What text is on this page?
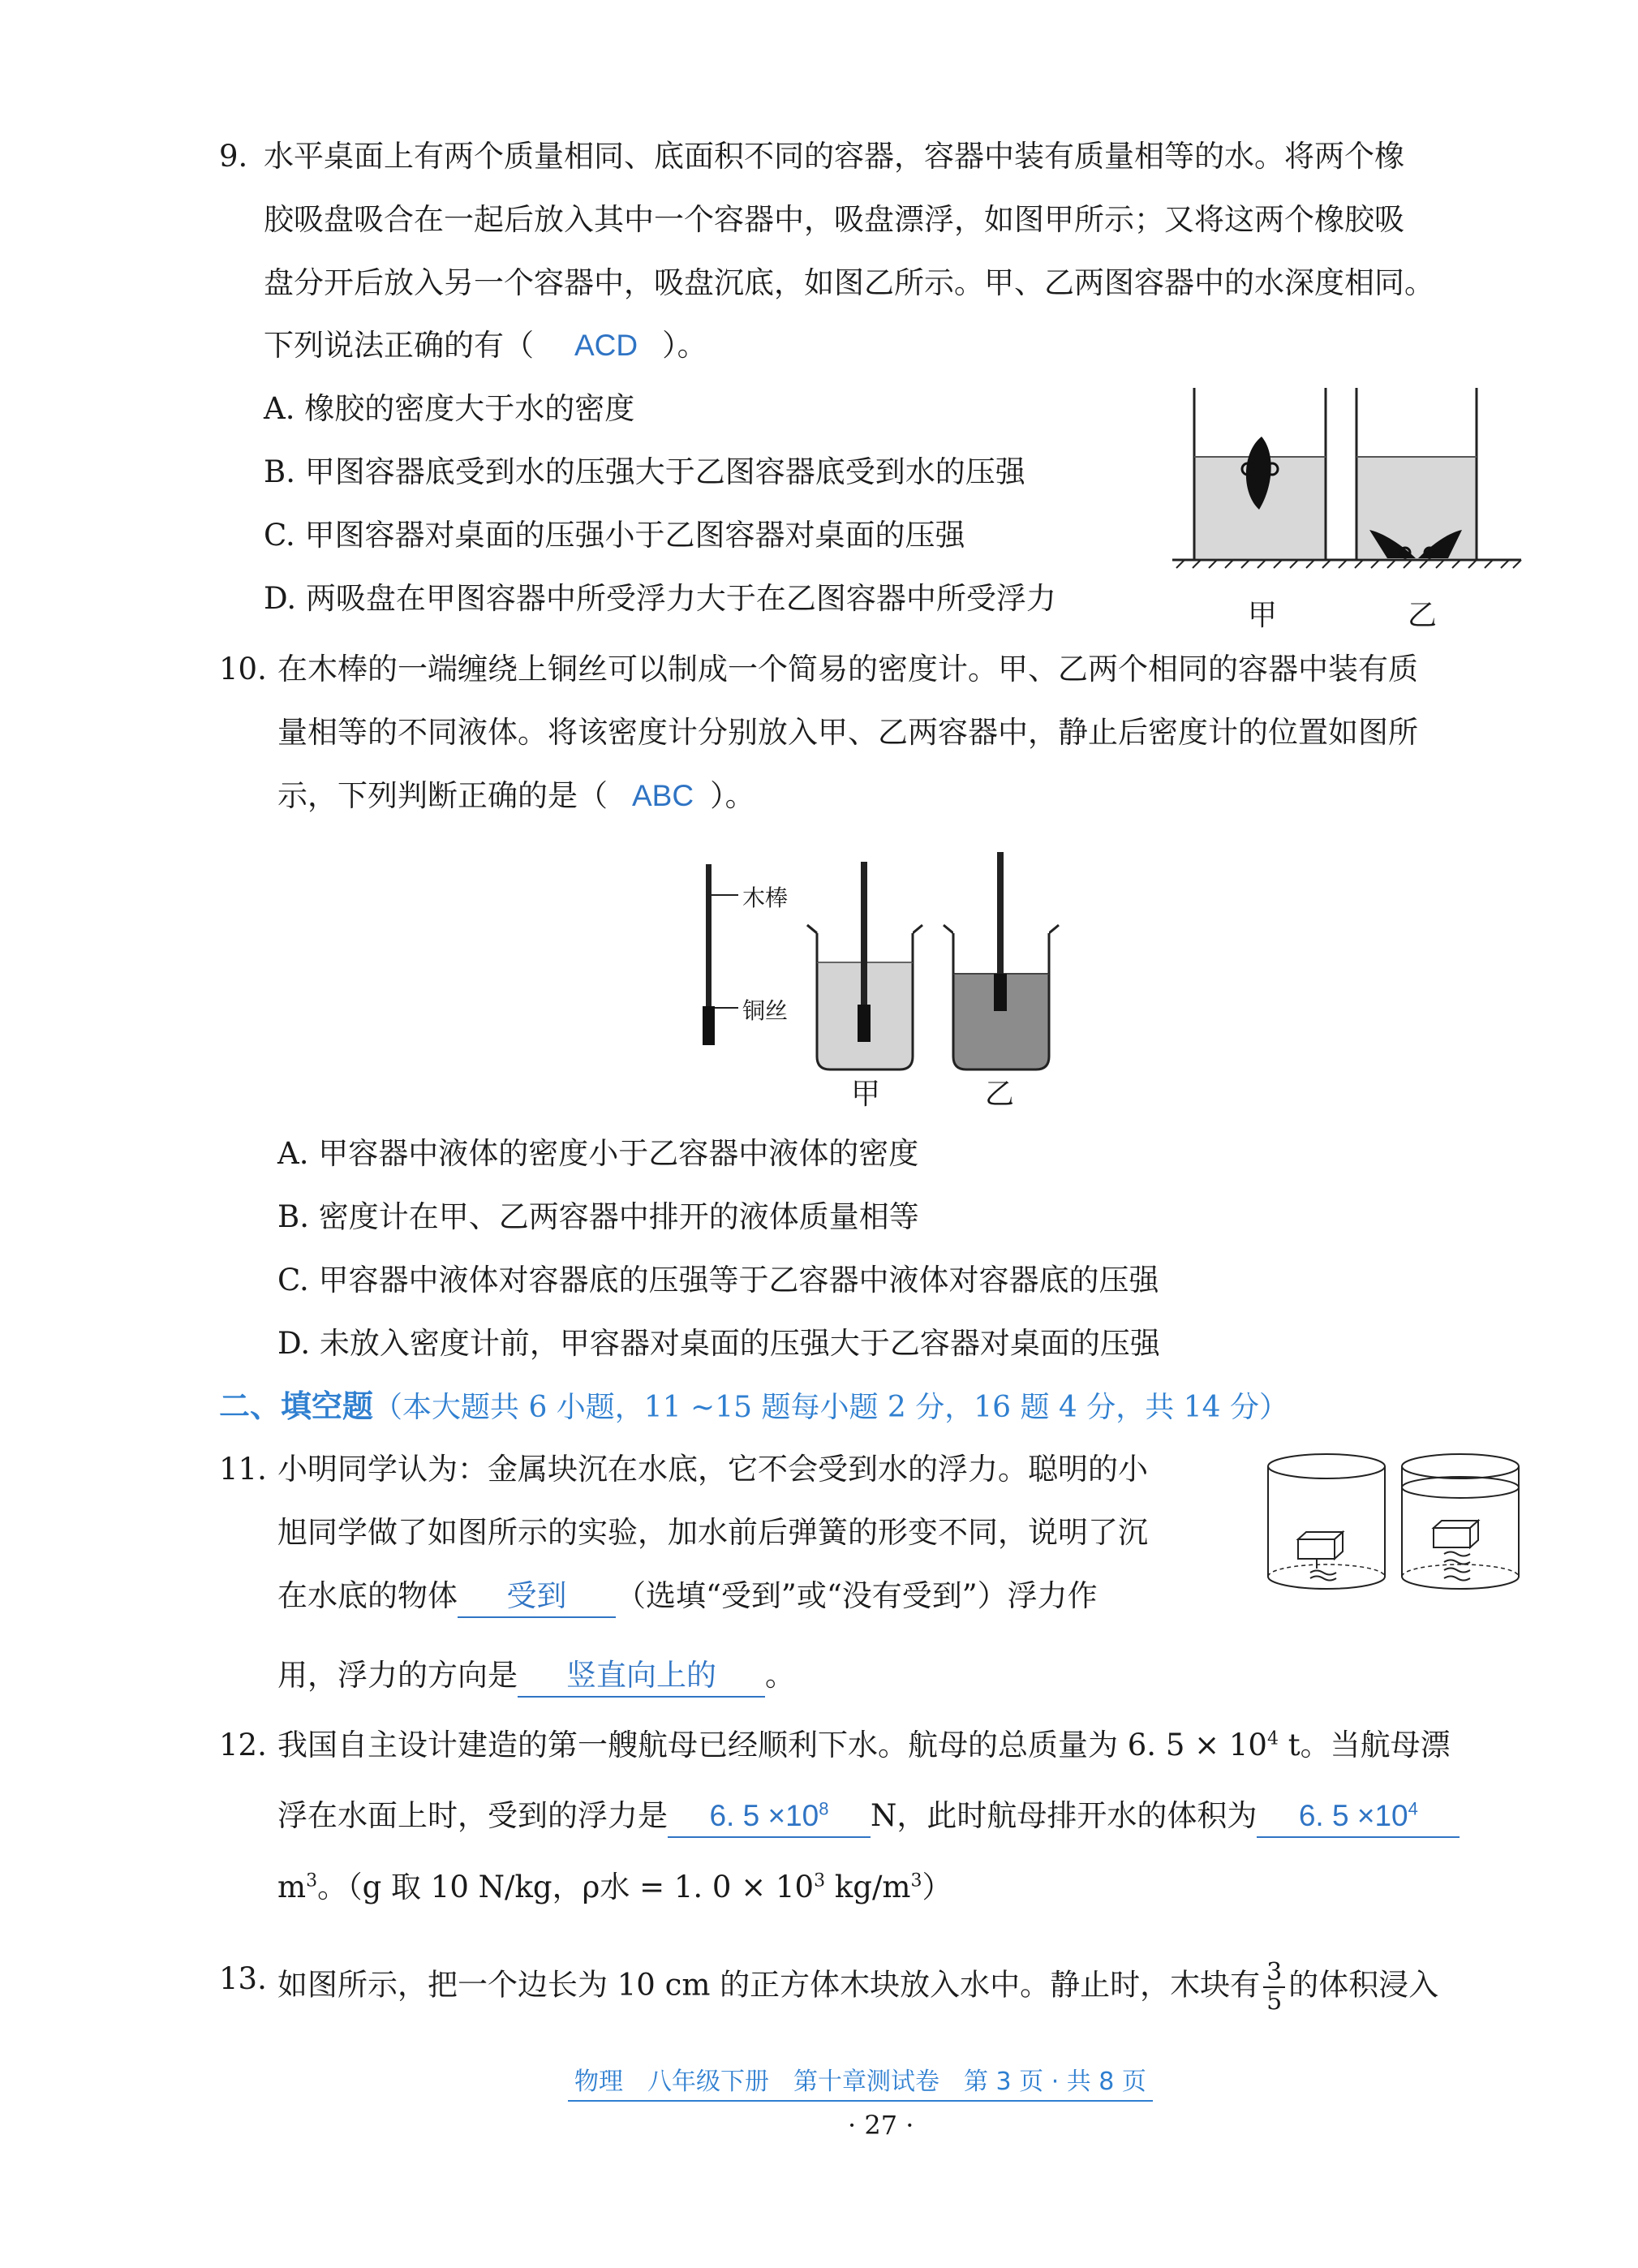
9. 水平桌面上有两个质量相同、底面积不同的容器，容器中装有质量相等的水。将两个橡
胶吸盘吸合在一起后放入其中一个容器中，吸盘漂浮，如图甲所示；又将这两个橡胶吸
盘分开后放入另一个容器中，吸盘沉底，如图乙所示。甲、乙两图容器中的水深度相同。
下列说法正确的有（ ACD ）。
A. 橡胶的密度大于水的密度
B. 甲图容器底受到水的压强大于乙图容器底受到水的压强
C. 甲图容器对桌面的压强小于乙图容器对桌面的压强
D. 两吸盘在甲图容器中所受浮力大于在乙图容器中所受浮力	甲	乙
10. 在木棒的一端缠绕上铜丝可以制成一个简易的密度计。甲、乙两个相同的容器中装有质
量相等的不同液体。将该密度计分别放入甲、乙两容器中，静止后密度计的位置如图所
示，下列判断正确的是（ ABC ）。
木棒
铜丝
甲	乙
A. 甲容器中液体的密度小于乙容器中液体的密度
B. 密度计在甲、乙两容器中排开的液体质量相等
C. 甲容器中液体对容器底的压强等于乙容器中液体对容器底的压强
D. 未放入密度计前，甲容器对桌面的压强大于乙容器对桌面的压强
二、填空题（本大题共 6 小题，11 ~15 题每小题 2 分，16 题 4 分，共 14 分）
11. 小明同学认为：金属块沉在水底，它不会受到水的浮力。聪明的小
旭同学做了如图所示的实验，加水前后弹簧的形变不同，说明了沉
在水底的物体 受到 （选填“受到”或“没有受到”）浮力作
用，浮力的方向是 竖直向上的 。
12. 我国自主设计建造的第一艘航母已经顺利下水。航母的总质量为 6. $5 \times 10^4$ t。当航母漂
浮在水面上时，受到的浮力是 6. $5 \times 10^8$ N，此时航母排开水的体积为 6. $5 \times 10^4$
$m^3$。（g 取 10 N/kg，ρ水 = 1. $0 \times 10^3$ $kg/m^3$）
13. 如图所示，把一个边长为 10 cm 的正方体木块放入水中。静止时，木块有 $\frac{3}{5}$ 的体积浸入
物理　八年级下册　第十章测试卷　第 3 页 · 共 8 页
· 27 ·
